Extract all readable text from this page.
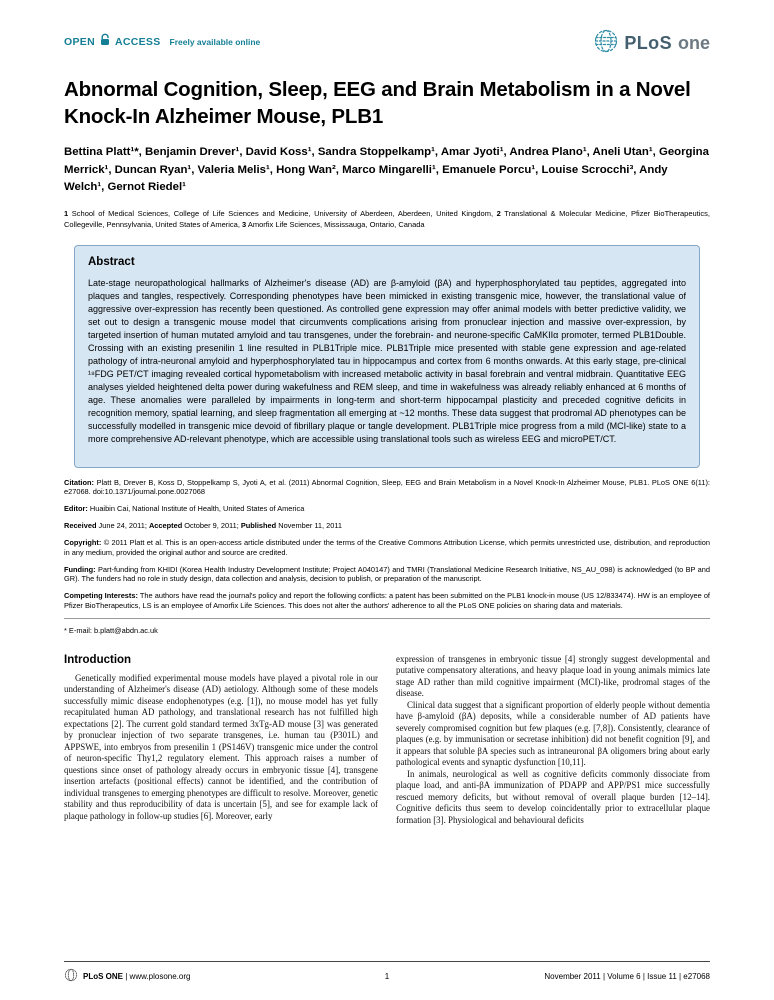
OPEN ACCESS Freely available online	PLoS one
Abnormal Cognition, Sleep, EEG and Brain Metabolism in a Novel Knock-In Alzheimer Mouse, PLB1

Bettina Platt¹*, Benjamin Drever¹, David Koss¹, Sandra Stoppelkamp¹, Amar Jyoti¹, Andrea Plano¹, Aneli Utan¹, Georgina Merrick¹, Duncan Ryan¹, Valeria Melis¹, Hong Wan², Marco Mingarelli¹, Emanuele Porcu¹, Louise Scrocchi³, Andy Welch¹, Gernot Riedel¹

1 School of Medical Sciences, College of Life Sciences and Medicine, University of Aberdeen, Aberdeen, United Kingdom, 2 Translational & Molecular Medicine, Pfizer BioTherapeutics, Collegeville, Pennsylvania, United States of America, 3 Amorfix Life Sciences, Mississauga, Ontario, Canada

Abstract

Late-stage neuropathological hallmarks of Alzheimer's disease (AD) are β-amyloid (βA) and hyperphosphorylated tau peptides, aggregated into plaques and tangles, respectively. Corresponding phenotypes have been mimicked in existing transgenic mice, however, the translational value of aggressive over-expression has recently been questioned. As controlled gene expression may offer animal models with better predictive validity, we set out to design a transgenic mouse model that circumvents complications arising from pronuclear injection and massive over-expression, by targeted insertion of human mutated amyloid and tau transgenes, under the forebrain- and neurone-specific CaMKIIα promoter, termed PLB1Double. Crossing with an existing presenilin 1 line resulted in PLB1Triple mice. PLB1Triple mice presented with stable gene expression and age-related pathology of intra-neuronal amyloid and hyperphosphorylated tau in hippocampus and cortex from 6 months onwards. At this early stage, pre-clinical ¹⁸FDG PET/CT imaging revealed cortical hypometabolism with increased metabolic activity in basal forebrain and ventral midbrain. Quantitative EEG analyses yielded heightened delta power during wakefulness and REM sleep, and time in wakefulness was already reliably enhanced at 6 months of age. These anomalies were paralleled by impairments in long-term and short-term hippocampal plasticity and preceded cognitive deficits in recognition memory, spatial learning, and sleep fragmentation all emerging at ~12 months. These data suggest that prodromal AD phenotypes can be successfully modelled in transgenic mice devoid of fibrillary plaque or tangle development. PLB1Triple mice progress from a mild (MCI-like) state to a more comprehensive AD-relevant phenotype, which are accessible using translational tools such as wireless EEG and microPET/CT.

Citation: Platt B, Drever B, Koss D, Stoppelkamp S, Jyoti A, et al. (2011) Abnormal Cognition, Sleep, EEG and Brain Metabolism in a Novel Knock-In Alzheimer Mouse, PLB1. PLoS ONE 6(11): e27068. doi:10.1371/journal.pone.0027068

Editor: Huaibin Cai, National Institute of Health, United States of America

Received June 24, 2011; Accepted October 9, 2011; Published November 11, 2011

Copyright: © 2011 Platt et al. This is an open-access article distributed under the terms of the Creative Commons Attribution License, which permits unrestricted use, distribution, and reproduction in any medium, provided the original author and source are credited.

Funding: Part-funding from KHIDI (Korea Health Industry Development Institute; Project A040147) and TMRI (Translational Medicine Research Initiative, NS_AU_098) is acknowledged (to BP and GR). The funders had no role in study design, data collection and analysis, decision to publish, or preparation of the manuscript.

Competing Interests: The authors have read the journal's policy and report the following conflicts: a patent has been submitted on the PLB1 knock-in mouse (US 12/833474). HW is an employee of Pfizer BioTherapeutics, LS is an employee of Amorfix Life Sciences. This does not alter the authors' adherence to all the PLoS ONE policies on sharing data and materials.

* E-mail: b.platt@abdn.ac.uk

Introduction

Genetically modified experimental mouse models have played a pivotal role in our understanding of Alzheimer's disease (AD) aetiology. Although some of these models successfully mimic disease endophenotypes (e.g. [1]), no mouse model has yet fully recapitulated human AD pathology, and translational research has not fulfilled high expectations [2]. The current gold standard termed 3xTg-AD mouse [3] was generated by pronuclear injection of two separate transgenes, i.e. human tau (P301L) and APPSWE, into embryos from presenilin 1 (PS146V) transgenic mice under the control of neuron-specific Thy1,2 regulatory element. This approach raises a number of questions since onset of pathology already occurs in embryonic tissue [4], transgene insertion artefacts (positional effects) cannot be identified, and the contribution of individual transgenes to emerging phenotypes are difficult to resolve. Moreover, genetic stability and thus reproducibility of data is uncertain [5], and see for example lack of plaque pathology in follow-up studies [6]. Moreover, early

expression of transgenes in embryonic tissue [4] strongly suggest developmental and putative compensatory alterations, and heavy plaque load in young animals mimics late stage AD rather than mild cognitive impairment (MCI)-like, prodromal stages of the disease.

Clinical data suggest that a significant proportion of elderly people without dementia have β-amyloid (βA) deposits, while a considerable number of AD patients have severely compromised cognition but few plaques (e.g. [7,8]). Consistently, clearance of plaques (e.g. by immunisation or secretase inhibition) did not benefit cognition [9], and it appears that soluble βA species such as intraneuronal βA oligomers bring about early pathological events and synaptic dysfunction [10,11].

In animals, neurological as well as cognitive deficits commonly dissociate from plaque load, and anti-βA immunization of PDAPP and APP/PS1 mice successfully rescued memory deficits, but without removal of overall plaque burden [12–14]. Cognitive deficits thus seem to develop coincidentally prior to extracellular plaque formation [3]. Physiological and behavioural deficits

PLoS ONE | www.plosone.org	1	November 2011 | Volume 6 | Issue 11 | e27068
